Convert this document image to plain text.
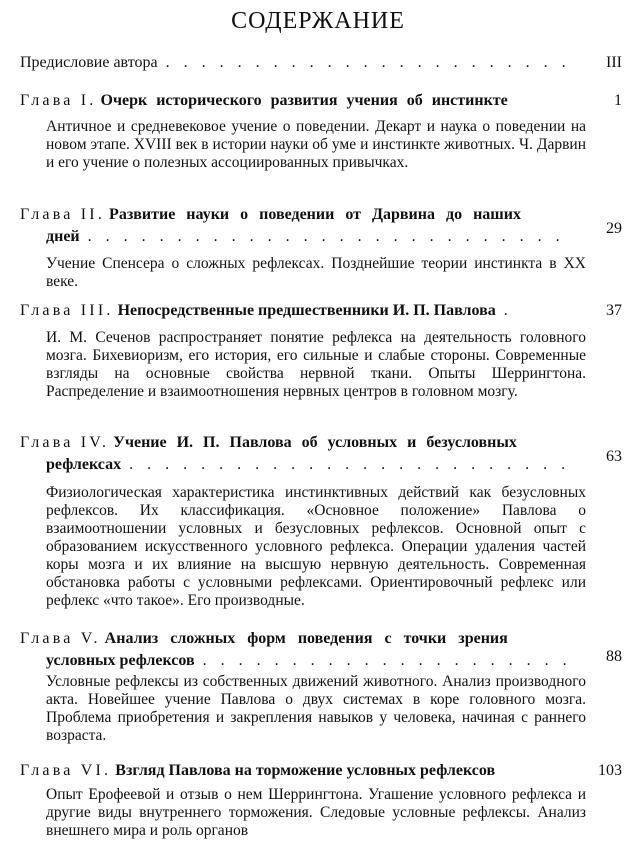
СОДЕРЖАНИЕ
Предисловие автора . . .	III
Глава I.
Очерк исторического развития учения об инстинкте	1
Античное и средневековое учение о поведении. Декарт и наука о поведении на новом этапе. XVIII век в истории науки об уме и инстинкте животных. Ч. Дарвин и его учение о полезных ассоциированных привычках.
Глава II.
Развитие науки о поведении от Дарвина до наших
дней . . .	29
Учение Спенсера о сложных рефлексах. Позднейшие теории инстинкта в XX веке.
Глава III.
Непосредственные предшественники И. П. Павлова . . .	37
И. М. Сеченов распространяет понятие рефлекса на деятельность головного мозга. Бихевиоризм, его история, его сильные и слабые стороны. Современные взгляды на основные свойства нервной ткани. Опыты Шеррингтона. Распределение и взаимоотношения нервных центров в головном мозгу.
Глава IV.
Учение И. П. Павлова об условных и безусловных
рефлексах . . .	63
Физиологическая характеристика инстинктивных действий как безусловных рефлексов. Их классификация. «Основное положение» Павлова о взаимоотношении условных и безусловных рефлексов. Основной опыт с образованием искусственного условного рефлекса. Операции удаления частей коры мозга и их влияние на высшую нервную деятельность. Современная обстановка работы с условными рефлексами. Ориентировочный рефлекс или рефлекс «что такое». Его производные.
Глава V.
Анализ сложных форм поведения с точки зрения
условных рефлексов . . .	88
Условные рефлексы из собственных движений животного. Анализ производного акта. Новейшее учение Павлова о двух системах в коре головного мозга. Проблема приобретения и закрепления навыков у человека, начиная с раннего возраста.
Глава VI.
Взгляд Павлова на торможение условных рефлексов	103
Опыт Ерофеевой и отзыв о нем Шеррингтона. Угашение условного рефлекса и другие виды внутреннего торможения. Следовые условные рефлексы. Анализ внешнего мира и роль органов
